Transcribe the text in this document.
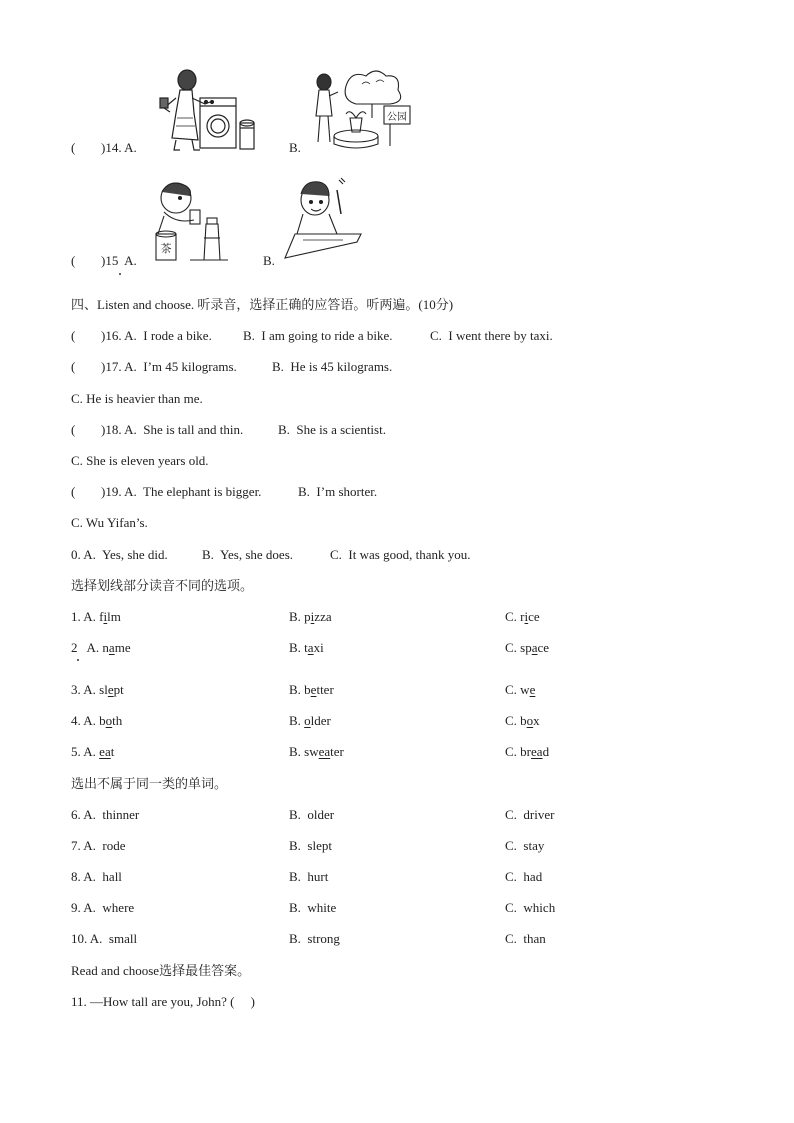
( )14. A.	B.
公园
( )15  A.
茶
B.
四、Listen and choose. 听录音，选择正确的应答语。听两遍。(10分)
( )16. A.  I rode a bike. B.  I am going to ride a bike.	C.  I went there by taxi.
( )17. A.  I’m 45 kilograms.	B.  He is 45 kilograms.
C. He is heavier than me.
( )18. A.  She is tall and thin.	B.  She is a scientist.
C. She is eleven years old.
( )19. A.  The elephant is bigger.	B.  I’m shorter.
C. Wu Yifan’s.
0. A.  Yes, she did.	B.  Yes, she does.	C.  It was good, thank you.
选择划线部分读音不同的选项。
1. A. film	B. pizza	C. rice
2   A. name	B. taxi	C. space
3. A. slept	B. better	C. we
4. A. both	B. older	C. box
5. A. eat	B. sweater	C. bread
选出不属于同一类的单词。
6. A.  thinner	B.  older	C.  driver
7. A.  rode	B.  slept	C.  stay
8. A.  hall	B.  hurt	C.  had
9. A.  where	B.  white	C.  which
10. A.  small	B.  strong	C.  than
Read and choose选择最佳答案。
11. —How tall are you, John? (     )
